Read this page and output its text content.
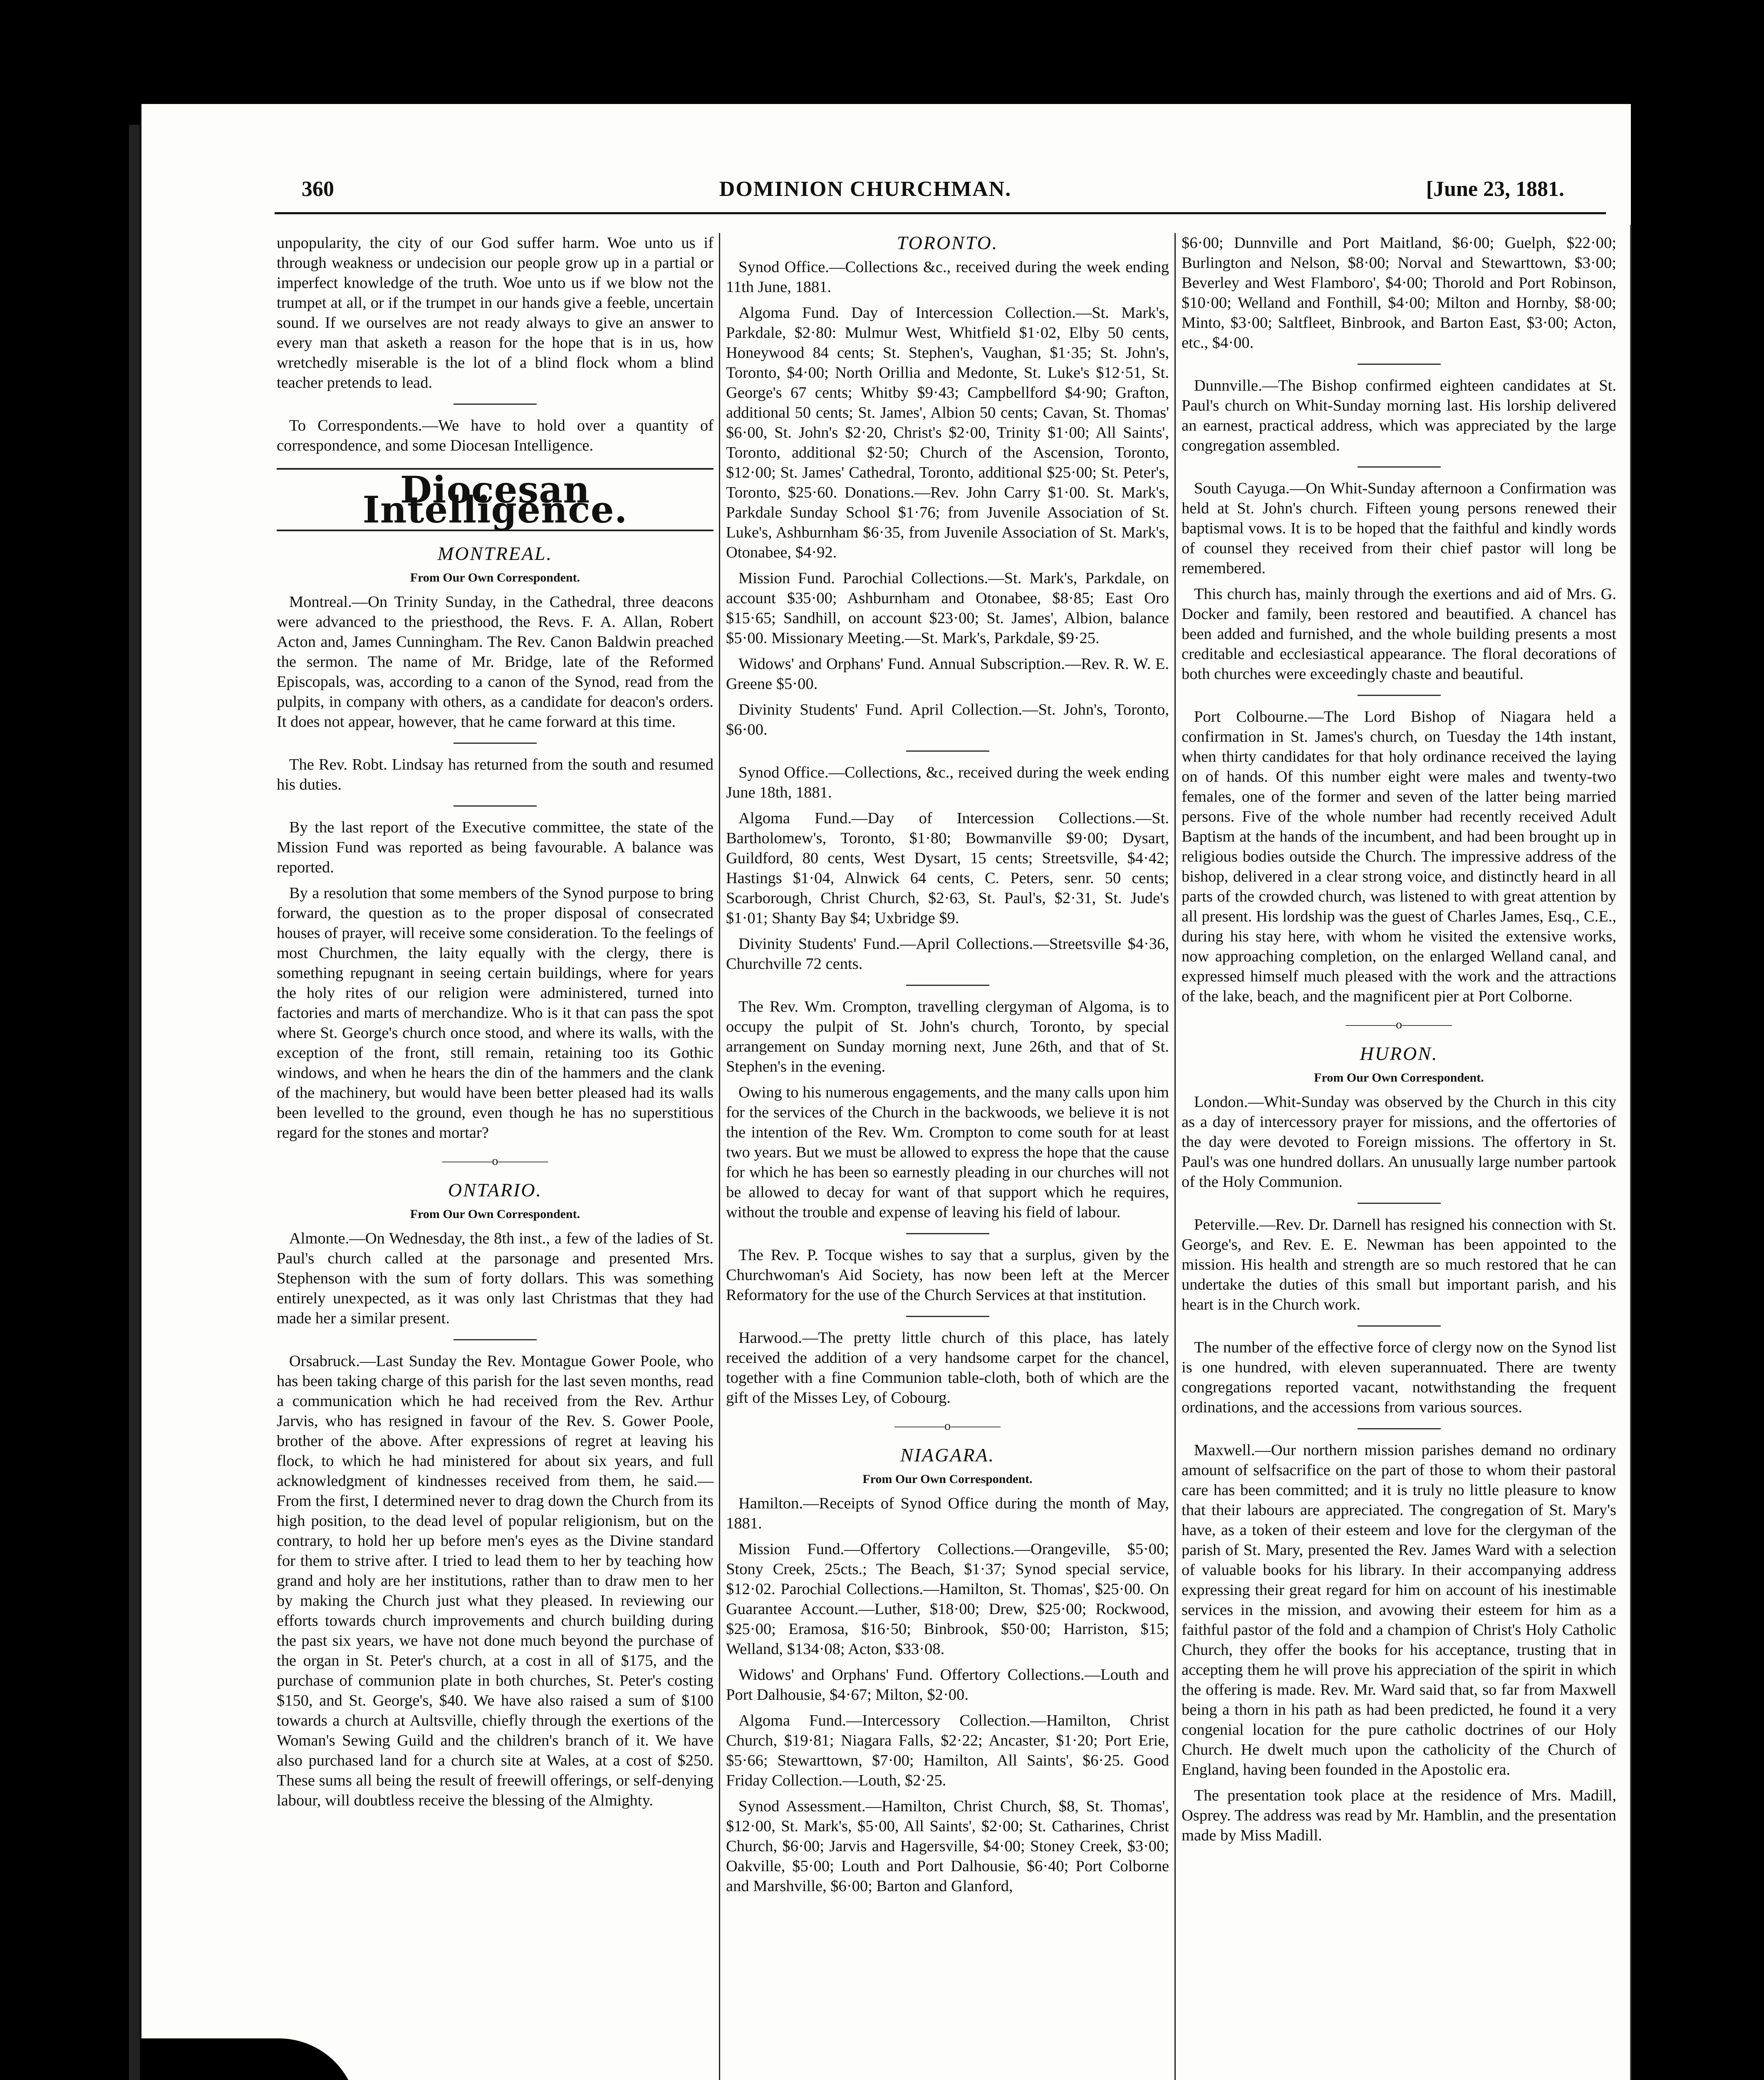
360	DOMINION CHURCHMAN.	[June 23, 1881.

unpopularity, the city of our God suffer harm. Woe unto us if through weakness or undecision our people grow up in a partial or imperfect knowledge of the truth. Woe unto us if we blow not the trumpet at all, or if the trumpet in our hands give a feeble, uncertain sound. If we ourselves are not ready always to give an answer to every man that asketh a reason for the hope that is in us, how wretchedly miserable is the lot of a blind flock whom a blind teacher pretends to lead.

To Correspondents.—We have to hold over a quantity of correspondence, and some Diocesan Intelligence.

Diocesan Intelligence.
MONTREAL.
From Our Own Correspondent.

Montreal.—On Trinity Sunday, in the Cathedral, three deacons were advanced to the priesthood, the Revs. F. A. Allan, Robert Acton and, James Cunningham. The Rev. Canon Baldwin preached the sermon. The name of Mr. Bridge, late of the Reformed Episcopals, was, according to a canon of the Synod, read from the pulpits, in company with others, as a candidate for deacon's orders. It does not appear, however, that he came forward at this time.

The Rev. Robt. Lindsay has returned from the south and resumed his duties.

By the last report of the Executive committee, the state of the Mission Fund was reported as being favourable. A balance was reported.

By a resolution that some members of the Synod purpose to bring forward, the question as to the proper disposal of consecrated houses of prayer, will receive some consideration. To the feelings of most Churchmen, the laity equally with the clergy, there is something repugnant in seeing certain buildings, where for years the holy rites of our religion were administered, turned into factories and marts of merchandize. Who is it that can pass the spot where St. George's church once stood, and where its walls, with the exception of the front, still remain, retaining too its Gothic windows, and when he hears the din of the hammers and the clank of the machinery, but would have been better pleased had its walls been levelled to the ground, even though he has no superstitious regard for the stones and mortar?

————o————
ONTARIO.
From Our Own Correspondent.

Almonte.—On Wednesday, the 8th inst., a few of the ladies of St. Paul's church called at the parsonage and presented Mrs. Stephenson with the sum of forty dollars. This was something entirely unexpected, as it was only last Christmas that they had made her a similar present.

Orsabruck.—Last Sunday the Rev. Montague Gower Poole, who has been taking charge of this parish for the last seven months, read a communication which he had received from the Rev. Arthur Jarvis, who has resigned in favour of the Rev. S. Gower Poole, brother of the above. After expressions of regret at leaving his flock, to which he had ministered for about six years, and full acknowledgment of kindnesses received from them, he said.—From the first, I determined never to drag down the Church from its high position, to the dead level of popular religionism, but on the contrary, to hold her up before men's eyes as the Divine standard for them to strive after. I tried to lead them to her by teaching how grand and holy are her institutions, rather than to draw men to her by making the Church just what they pleased. In reviewing our efforts towards church improvements and church building during the past six years, we have not done much beyond the purchase of the organ in St. Peter's church, at a cost in all of $175, and the purchase of communion plate in both churches, St. Peter's costing $150, and St. George's, $40. We have also raised a sum of $100 towards a church at Aultsville, chiefly through the exertions of the Woman's Sewing Guild and the children's branch of it. We have also purchased land for a church site at Wales, at a cost of $250. These sums all being the result of freewill offerings, or self-denying labour, will doubtless receive the blessing of the Almighty.

TORONTO.

Synod Office.—Collections &c., received during the week ending 11th June, 1881.

Algoma Fund. Day of Intercession Collection.—St. Mark's, Parkdale, $2·80: Mulmur West, Whitfield $1·02, Elby 50 cents, Honeywood 84 cents; St. Stephen's, Vaughan, $1·35; St. John's, Toronto, $4·00; North Orillia and Medonte, St. Luke's $12·51, St. George's 67 cents; Whitby $9·43; Campbellford $4·90; Grafton, additional 50 cents; St. James', Albion 50 cents; Cavan, St. Thomas' $6·00, St. John's $2·20, Christ's $2·00, Trinity $1·00; All Saints', Toronto, additional $2·50; Church of the Ascension, Toronto, $12·00; St. James' Cathedral, Toronto, additional $25·00; St. Peter's, Toronto, $25·60. Donations.—Rev. John Carry $1·00. St. Mark's, Parkdale Sunday School $1·76; from Juvenile Association of St. Luke's, Ashburnham $6·35, from Juvenile Association of St. Mark's, Otonabee, $4·92.

Mission Fund. Parochial Collections.—St. Mark's, Parkdale, on account $35·00; Ashburnham and Otonabee, $8·85; East Oro $15·65; Sandhill, on account $23·00; St. James', Albion, balance $5·00. Missionary Meeting.—St. Mark's, Parkdale, $9·25.

Widows' and Orphans' Fund. Annual Subscription.—Rev. R. W. E. Greene $5·00.

Divinity Students' Fund. April Collection.—St. John's, Toronto, $6·00.

Synod Office.—Collections, &c., received during the week ending June 18th, 1881.

Algoma Fund.—Day of Intercession Collections.—St. Bartholomew's, Toronto, $1·80; Bowmanville $9·00; Dysart, Guildford, 80 cents, West Dysart, 15 cents; Streetsville, $4·42; Hastings $1·04, Alnwick 64 cents, C. Peters, senr. 50 cents; Scarborough, Christ Church, $2·63, St. Paul's, $2·31, St. Jude's $1·01; Shanty Bay $4; Uxbridge $9.

Divinity Students' Fund.—April Collections.—Streetsville $4·36, Churchville 72 cents.

The Rev. Wm. Crompton, travelling clergyman of Algoma, is to occupy the pulpit of St. John's church, Toronto, by special arrangement on Sunday morning next, June 26th, and that of St. Stephen's in the evening.

Owing to his numerous engagements, and the many calls upon him for the services of the Church in the backwoods, we believe it is not the intention of the Rev. Wm. Crompton to come south for at least two years. But we must be allowed to express the hope that the cause for which he has been so earnestly pleading in our churches will not be allowed to decay for want of that support which he requires, without the trouble and expense of leaving his field of labour.

The Rev. P. Tocque wishes to say that a surplus, given by the Churchwoman's Aid Society, has now been left at the Mercer Reformatory for the use of the Church Services at that institution.

Harwood.—The pretty little church of this place, has lately received the addition of a very handsome carpet for the chancel, together with a fine Communion table-cloth, both of which are the gift of the Misses Ley, of Cobourg.

————o————
NIAGARA.
From Our Own Correspondent.

Hamilton.—Receipts of Synod Office during the month of May, 1881.

Mission Fund.—Offertory Collections.—Orangeville, $5·00; Stony Creek, 25cts.; The Beach, $1·37; Synod special service, $12·02. Parochial Collections.—Hamilton, St. Thomas', $25·00. On Guarantee Account.—Luther, $18·00; Drew, $25·00; Rockwood, $25·00; Eramosa, $16·50; Binbrook, $50·00; Harriston, $15; Welland, $134·08; Acton, $33·08.

Widows' and Orphans' Fund. Offertory Collections.—Louth and Port Dalhousie, $4·67; Milton, $2·00.

Algoma Fund.—Intercessory Collection.—Hamilton, Christ Church, $19·81; Niagara Falls, $2·22; Ancaster, $1·20; Port Erie, $5·66; Stewarttown, $7·00; Hamilton, All Saints', $6·25. Good Friday Collection.—Louth, $2·25.

Synod Assessment.—Hamilton, Christ Church, $8, St. Thomas', $12·00, St. Mark's, $5·00, All Saints', $2·00; St. Catharines, Christ Church, $6·00; Jarvis and Hagersville, $4·00; Stoney Creek, $3·00; Oakville, $5·00; Louth and Port Dalhousie, $6·40; Port Colborne and Marshville, $6·00; Barton and Glanford,

$6·00; Dunnville and Port Maitland, $6·00; Guelph, $22·00; Burlington and Nelson, $8·00; Norval and Stewarttown, $3·00; Beverley and West Flamboro', $4·00; Thorold and Port Robinson, $10·00; Welland and Fonthill, $4·00; Milton and Hornby, $8·00; Minto, $3·00; Saltfleet, Binbrook, and Barton East, $3·00; Acton, etc., $4·00.

Dunnville.—The Bishop confirmed eighteen candidates at St. Paul's church on Whit-Sunday morning last. His lorship delivered an earnest, practical address, which was appreciated by the large congregation assembled.

South Cayuga.—On Whit-Sunday afternoon a Confirmation was held at St. John's church. Fifteen young persons renewed their baptismal vows. It is to be hoped that the faithful and kindly words of counsel they received from their chief pastor will long be remembered.

This church has, mainly through the exertions and aid of Mrs. G. Docker and family, been restored and beautified. A chancel has been added and furnished, and the whole building presents a most creditable and ecclesiastical appearance. The floral decorations of both churches were exceedingly chaste and beautiful.

Port Colbourne.—The Lord Bishop of Niagara held a confirmation in St. James's church, on Tuesday the 14th instant, when thirty candidates for that holy ordinance received the laying on of hands. Of this number eight were males and twenty-two females, one of the former and seven of the latter being married persons. Five of the whole number had recently received Adult Baptism at the hands of the incumbent, and had been brought up in religious bodies outside the Church. The impressive address of the bishop, delivered in a clear strong voice, and distinctly heard in all parts of the crowded church, was listened to with great attention by all present. His lordship was the guest of Charles James, Esq., C.E., during his stay here, with whom he visited the extensive works, now approaching completion, on the enlarged Welland canal, and expressed himself much pleased with the work and the attractions of the lake, beach, and the magnificent pier at Port Colborne.

————o————
HURON.
From Our Own Correspondent.

London.—Whit-Sunday was observed by the Church in this city as a day of intercessory prayer for missions, and the offertories of the day were devoted to Foreign missions. The offertory in St. Paul's was one hundred dollars. An unusually large number partook of the Holy Communion.

Peterville.—Rev. Dr. Darnell has resigned his connection with St. George's, and Rev. E. E. Newman has been appointed to the mission. His health and strength are so much restored that he can undertake the duties of this small but important parish, and his heart is in the Church work.

The number of the effective force of clergy now on the Synod list is one hundred, with eleven superannuated. There are twenty congregations reported vacant, notwithstanding the frequent ordinations, and the accessions from various sources.

Maxwell.—Our northern mission parishes demand no ordinary amount of selfsacrifice on the part of those to whom their pastoral care has been committed; and it is truly no little pleasure to know that their labours are appreciated. The congregation of St. Mary's have, as a token of their esteem and love for the clergyman of the parish of St. Mary, presented the Rev. James Ward with a selection of valuable books for his library. In their accompanying address expressing their great regard for him on account of his inestimable services in the mission, and avowing their esteem for him as a faithful pastor of the fold and a champion of Christ's Holy Catholic Church, they offer the books for his acceptance, trusting that in accepting them he will prove his appreciation of the spirit in which the offering is made. Rev. Mr. Ward said that, so far from Maxwell being a thorn in his path as had been predicted, he found it a very congenial location for the pure catholic doctrines of our Holy Church. He dwelt much upon the catholicity of the Church of England, having been founded in the Apostolic era.

The presentation took place at the residence of Mrs. Madill, Osprey. The address was read by Mr. Hamblin, and the presentation made by Miss Madill.
